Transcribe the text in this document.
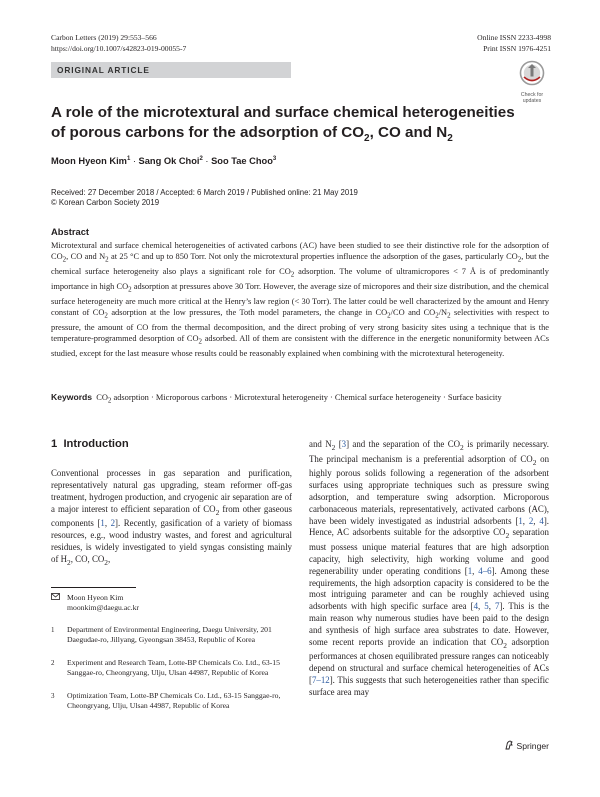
Carbon Letters (2019) 29:553–566
https://doi.org/10.1007/s42823-019-00055-7
Online ISSN 2233-4998
Print ISSN 1976-4251
ORIGINAL ARTICLE
Check for
updates
A role of the microtextural and surface chemical heterogeneities
of porous carbons for the adsorption of $CO_2$, CO and $N_2$
Moon Hyeon Kim$^1$ · Sang Ok Choi$^2$ · Soo Tae Choo$^3$
Received: 27 December 2018 / Accepted: 6 March 2019 / Published online: 21 May 2019
© Korean Carbon Society 2019
Abstract
Microtextural and surface chemical heterogeneities of activated carbons (AC) have been studied to see their distinctive role for the adsorption of $CO_2$, CO and $N_2$ at 25 °C and up to 850 Torr. Not only the microtextural properties influence the adsorption of the gases, particularly $CO_2$, but the chemical surface heterogeneity also plays a significant role for $CO_2$ adsorption. The volume of ultramicropores < 7 Å is of predominantly importance in high $CO_2$ adsorption at pressures above 30 Torr. However, the average size of micropores and their size distribution, and the chemical surface heterogeneity are much more critical at the Henry’s law region (< 30 Torr). The latter could be well characterized by the amount and Henry constant of $CO_2$ adsorption at the low pressures, the Toth model parameters, the change in $CO_2/CO$ and $CO_2/N_2$ selectivities with respect to pressure, the amount of CO from the thermal decomposition, and the direct probing of very strong basicity sites using a technique that is the temperature-programmed desorption of $CO_2$ adsorbed. All of them are consistent with the difference in the energetic nonuniformity between ACs studied, except for the last measure whose results could be reasonably explained when combining with the microtextural heterogeneity.
Keywords $CO_2$ adsorption · Microporous carbons · Microtextural heterogeneity · Chemical surface heterogeneity · Surface basicity
1 Introduction

Conventional processes in gas separation and purification, representatively natural gas upgrading, steam reformer off-gas treatment, hydrogen production, and cryogenic air separation are of a major interest to efficient separation of $CO_2$ from other gaseous components [1, 2]. Recently, gasification of a variety of biomass resources, e.g., wood industry wastes, and forest and agricultural residues, is widely investigated to yield syngas consisting mainly of $H_2$, CO, $CO_2$,

Moon Hyeon Kim
moonkim@daegu.ac.kr
1 Department of Environmental Engineering, Daegu University, 201 Daegudae-ro, Jillyang, Gyeongsan 38453, Republic of Korea
2 Experiment and Research Team, Lotte-BP Chemicals Co. Ltd., 63-15 Sanggae-ro, Cheongryang, Ulju, Ulsan 44987, Republic of Korea
3 Optimization Team, Lotte-BP Chemicals Co. Ltd., 63-15 Sanggae-ro, Cheongryang, Ulju, Ulsan 44987, Republic of Korea

and $N_2$ [3] and the separation of the $CO_2$ is primarily necessary. The principal mechanism is a preferential adsorption of $CO_2$ on highly porous solids following a regeneration of the adsorbent surfaces using appropriate techniques such as pressure swing adsorption, and temperature swing adsorption. Microporous carbonaceous materials, representatively, activated carbons (AC), have been widely investigated as industrial adsorbents [1, 2, 4]. Hence, AC adsorbents suitable for the adsorptive $CO_2$ separation must possess unique material features that are high adsorption capacity, high selectivity, high working volume and good regenerability under operating conditions [1, 4–6]. Among these requirements, the high adsorption capacity is considered to be the most intriguing parameter and can be roughly achieved using adsorbents with high specific surface area [4, 5, 7]. This is the main reason why numerous studies have been paid to the design and synthesis of high surface area substrates to date. However, some recent reports provide an indication that $CO_2$ adsorption performances at chosen equilibrated pressure ranges can noticeably depend on structural and surface chemical heterogeneities of ACs [7–12]. This suggests that such heterogeneities rather than specific surface area may

Springer
